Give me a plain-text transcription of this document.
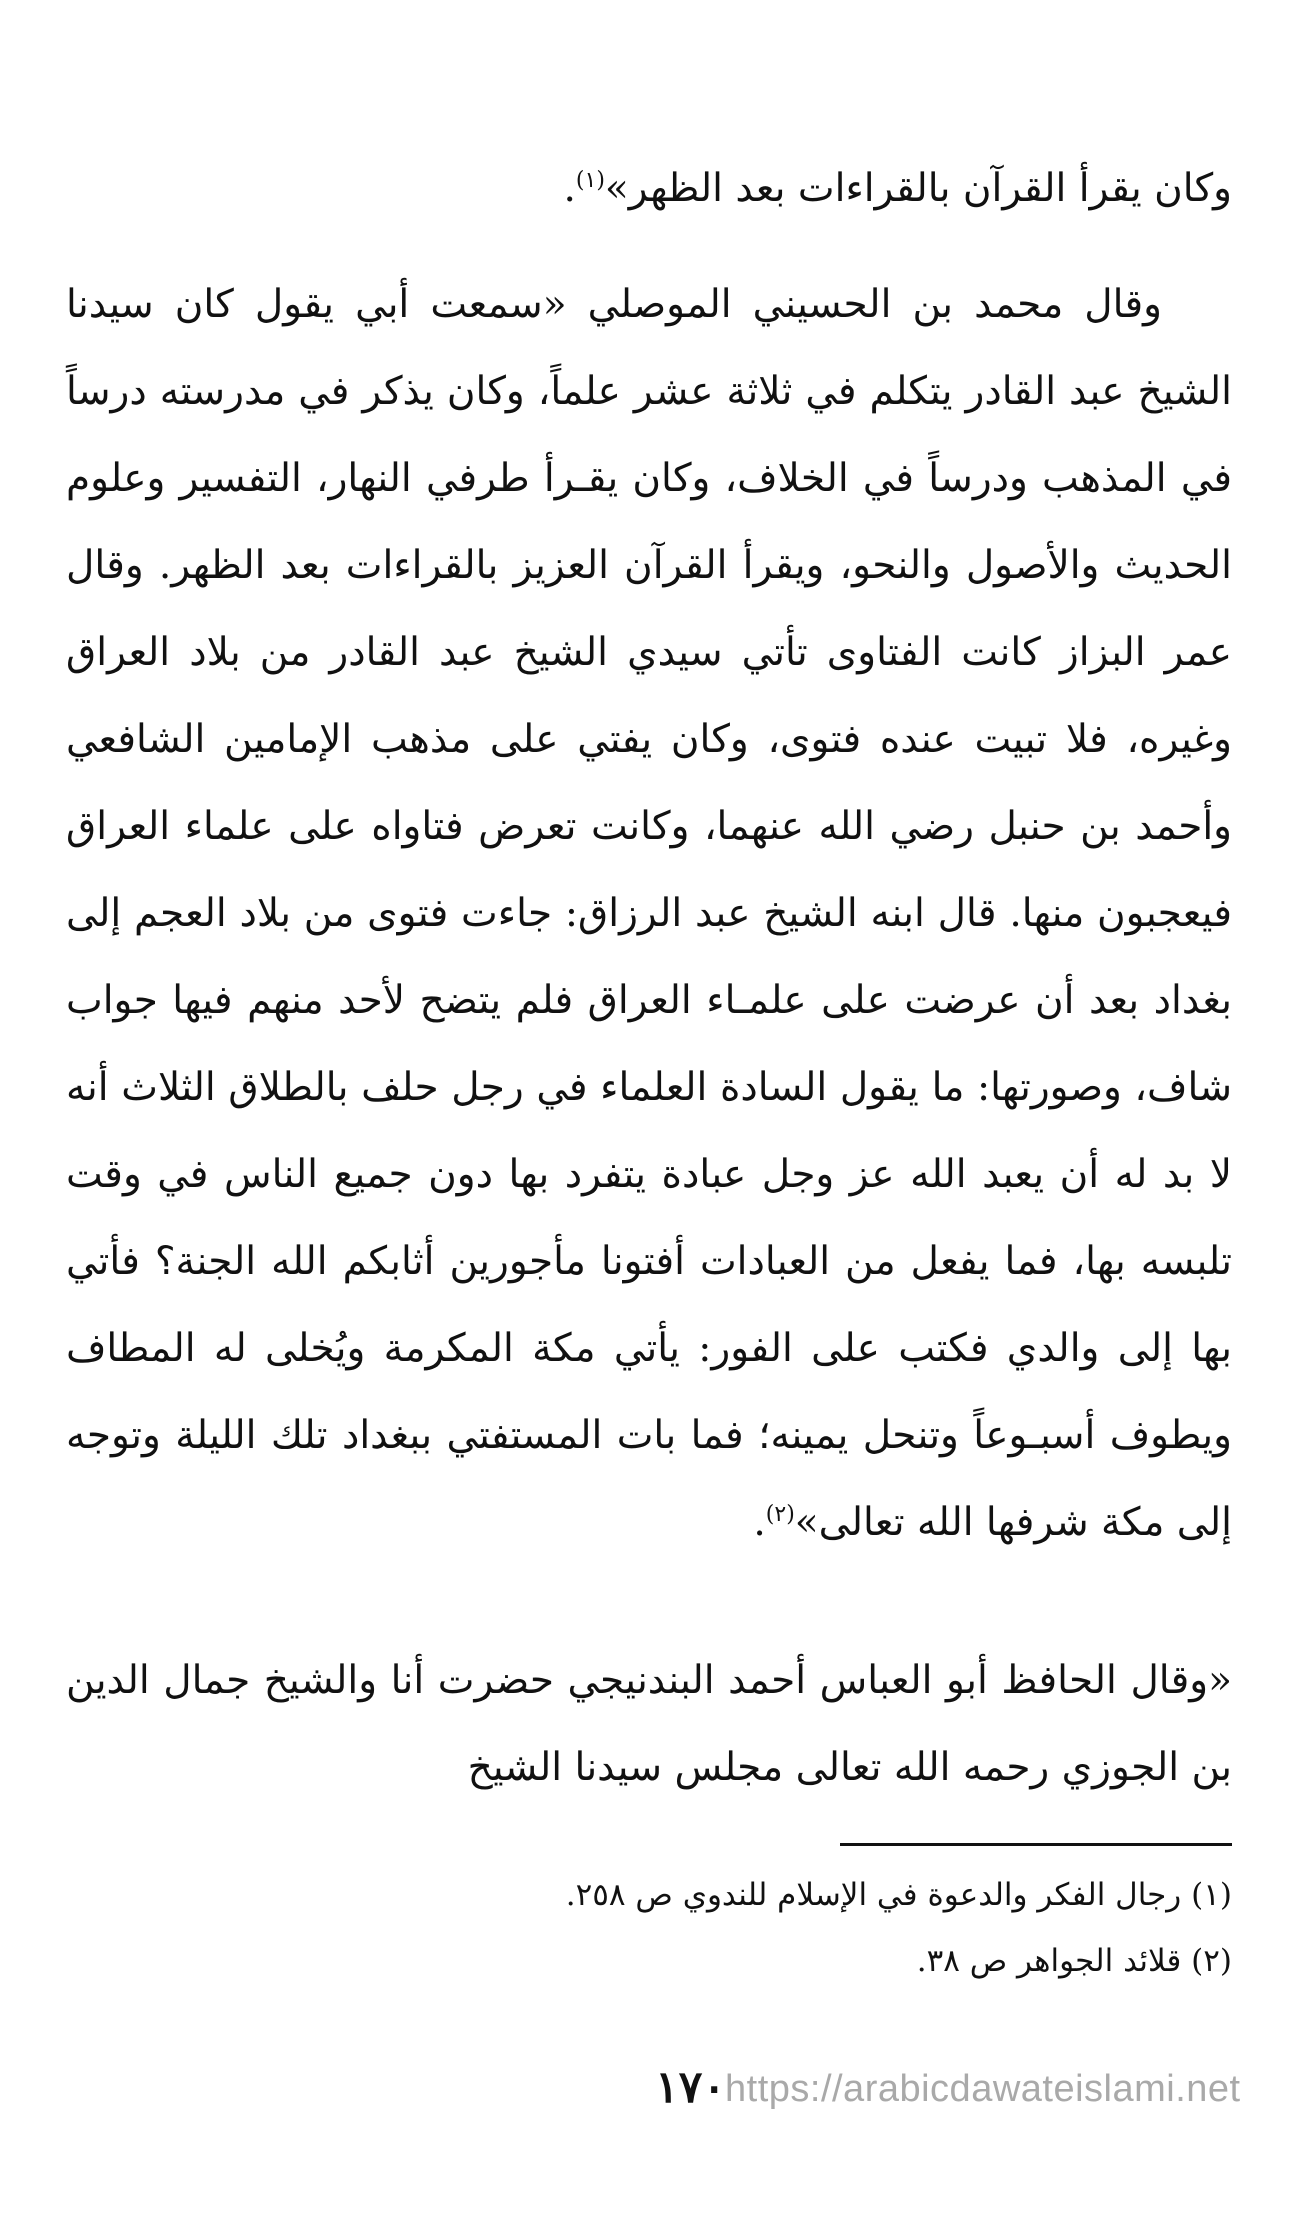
وكان يقرأ القرآن بالقراءات بعد الظهر»$^{(١)}$.

وقال محمد بن الحسيني الموصلي «سمعت أبي يقول كان سيدنا الشيخ عبد القادر يتكلم في ثلاثة عشر علماً، وكان يذكر في مدرسته درساً في المذهب ودرساً في الخلاف، وكان يقـرأ طرفي النهار، التفسير وعلوم الحديث والأصول والنحو، ويقرأ القرآن العزيز بالقراءات بعد الظهر. وقال عمر البزاز كانت الفتاوى تأتي سيدي الشيخ عبد القادر من بلاد العراق وغيره، فلا تبيت عنده فتوى، وكان يفتي على مذهب الإمامين الشافعي وأحمد بن حنبل رضي الله عنهما، وكانت تعرض فتاواه على علماء العراق فيعجبون منها. قال ابنه الشيخ عبد الرزاق: جاءت فتوى من بلاد العجم إلى بغداد بعد أن عرضت على علمـاء العراق فلم يتضح لأحد منهم فيها جواب شاف، وصورتها: ما يقول السادة العلماء في رجل حلف بالطلاق الثلاث أنه لا بد له أن يعبد الله عز وجل عبادة يتفرد بها دون جميع الناس في وقت تلبسه بها، فما يفعل من العبادات أفتونا مأجورين أثابكم الله الجنة؟ فأتي بها إلى والدي فكتب على الفور: يأتي مكة المكرمة ويُخلى له المطاف ويطوف أسبـوعاً وتنحل يمينه؛ فما بات المستفتي ببغداد تلك الليلة وتوجه إلى مكة شرفها الله تعالى»$^{(٢)}$.

«وقال الحافظ أبو العباس أحمد البندنيجي حضرت أنا والشيخ جمال الدين بن الجوزي رحمه الله تعالى مجلس سيدنا الشيخ

(١) رجال الفكر والدعوة في الإسلام للندوي ص ٢٥٨.
(٢) قلائد الجواهر ص ٣٨.
https://arabicdawateislami.net
١٧٠
